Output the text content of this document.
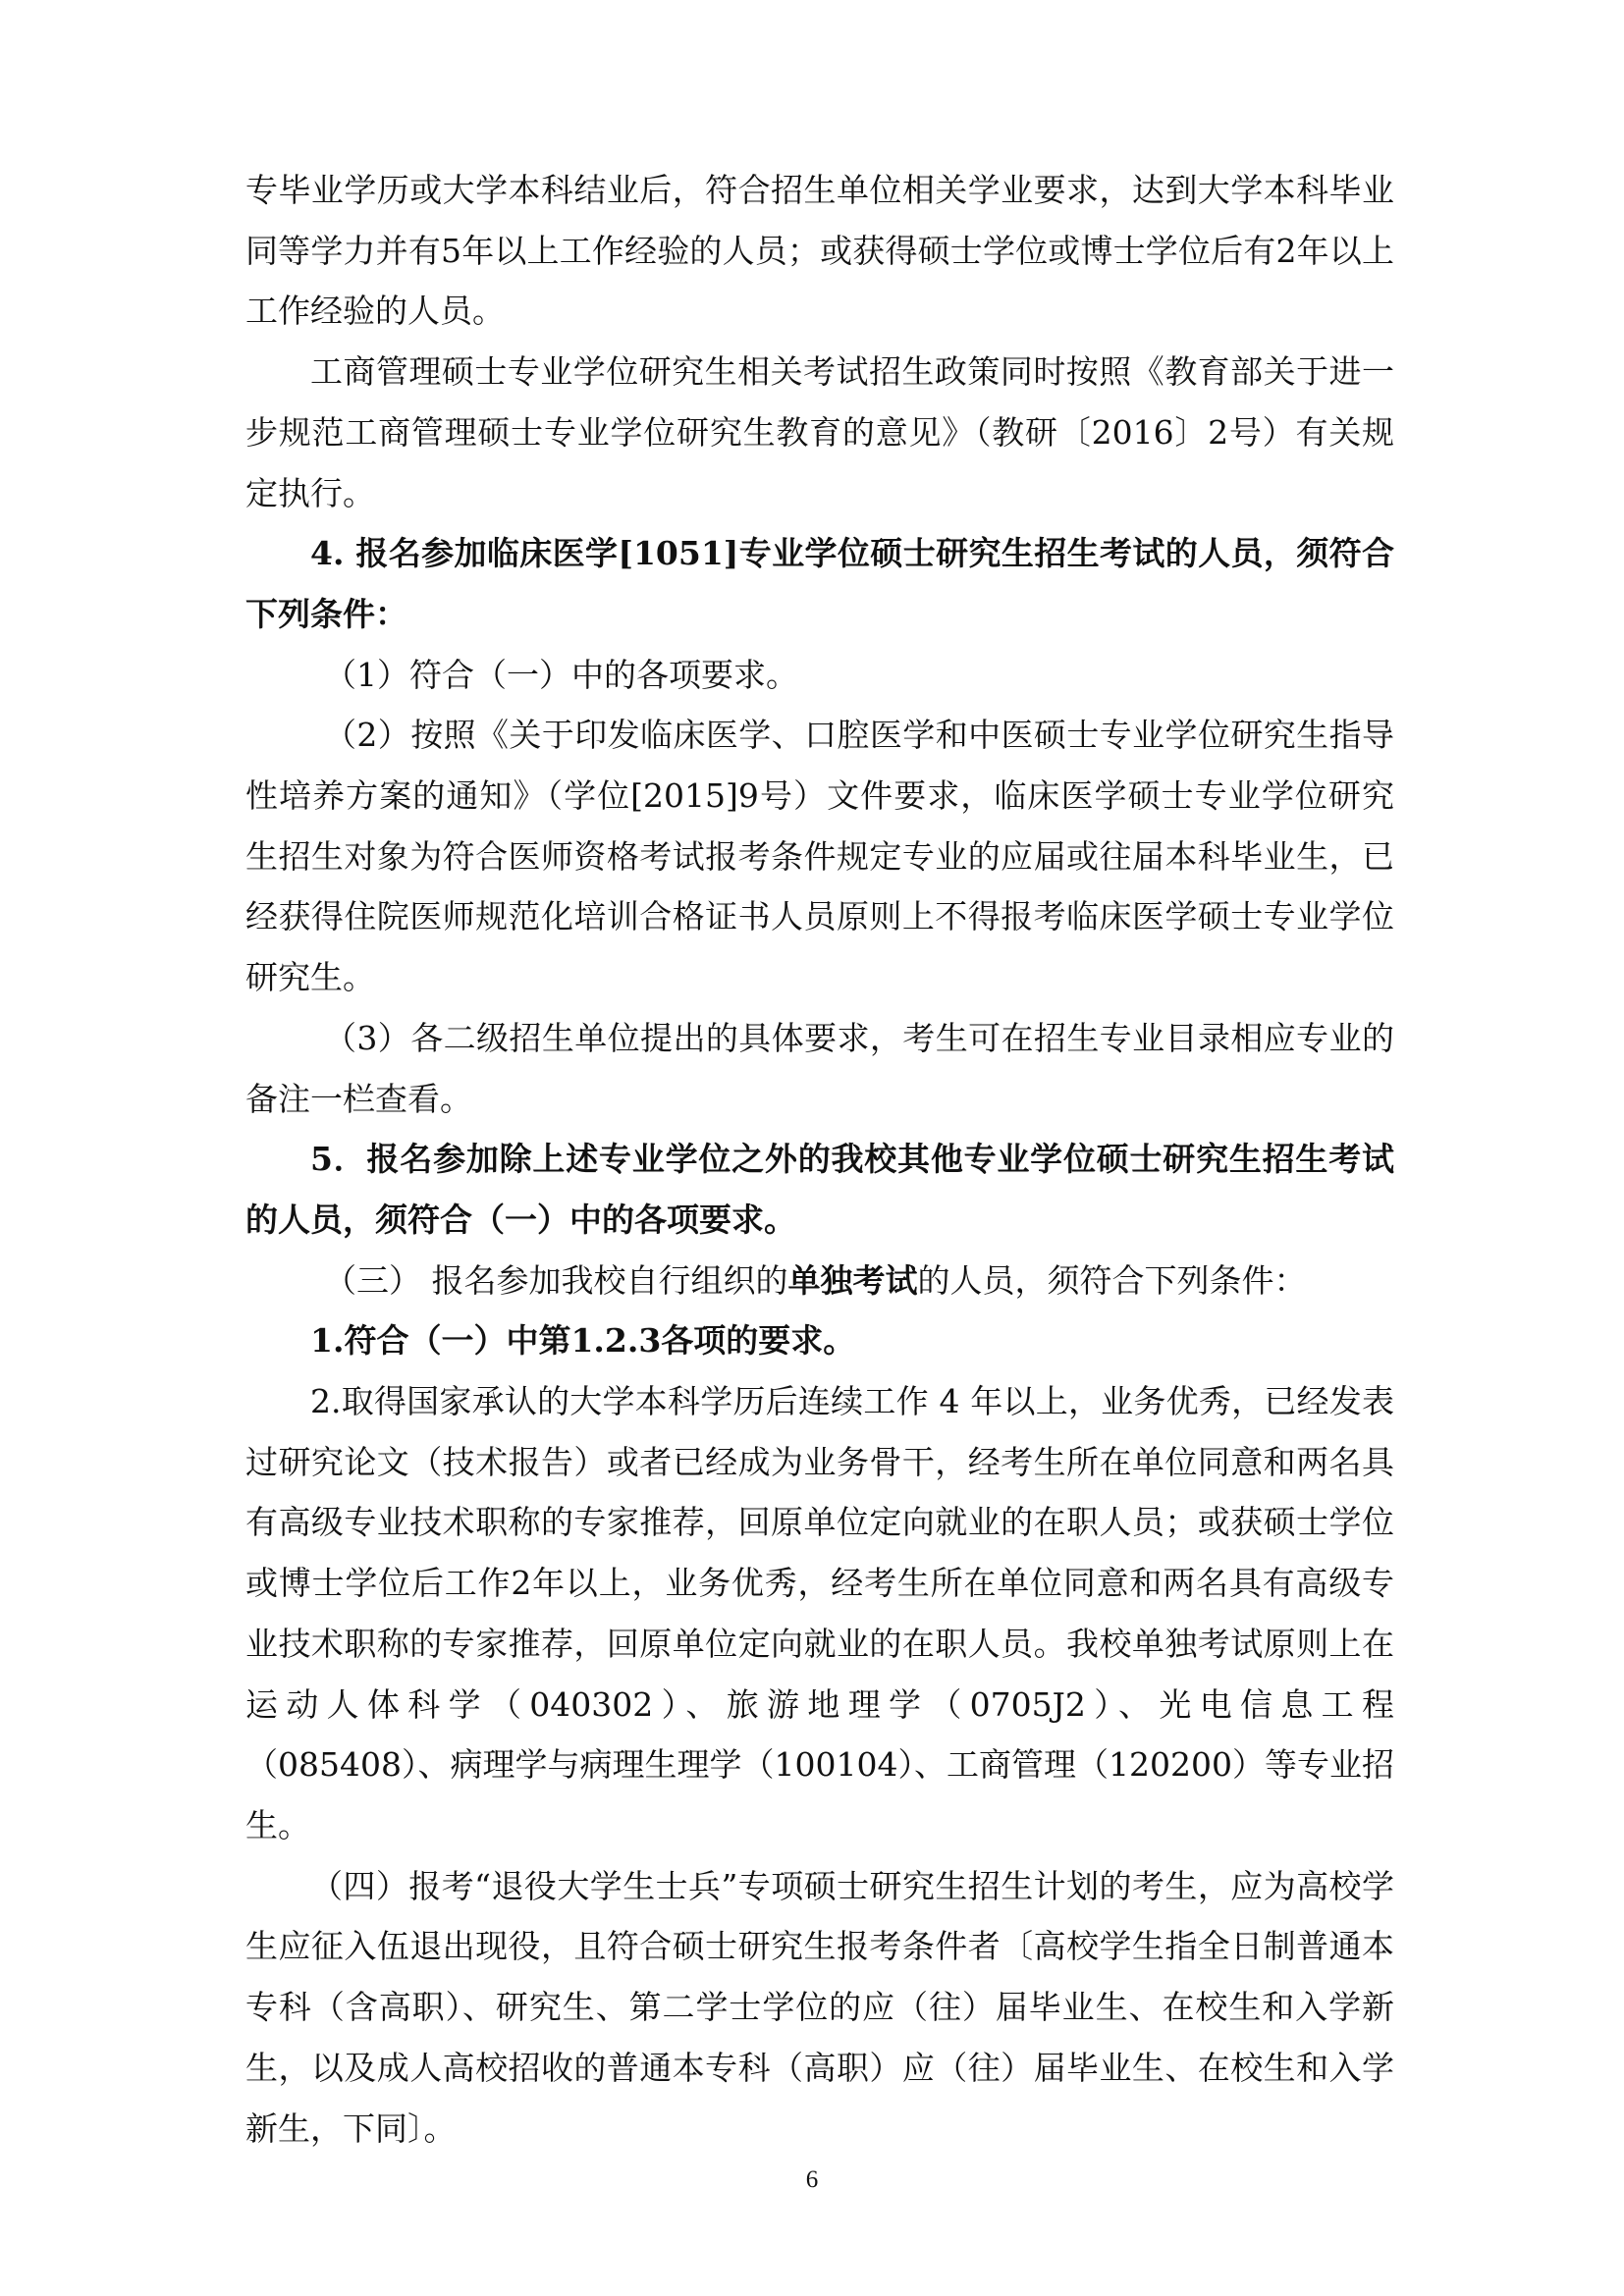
专毕业学历或大学本科结业后，符合招生单位相关学业要求，达到大学本科毕业同等学力并有5年以上工作经验的人员；或获得硕士学位或博士学位后有2年以上工作经验的人员。

工商管理硕士专业学位研究生相关考试招生政策同时按照《教育部关于进一步规范工商管理硕士专业学位研究生教育的意见》（教研〔2016〕2号）有关规定执行。

4. 报名参加临床医学[1051]专业学位硕士研究生招生考试的人员，须符合下列条件：

（1）符合（一）中的各项要求。

（2）按照《关于印发临床医学、口腔医学和中医硕士专业学位研究生指导性培养方案的通知》（学位[2015]9号）文件要求，临床医学硕士专业学位研究生招生对象为符合医师资格考试报考条件规定专业的应届或往届本科毕业生，已经获得住院医师规范化培训合格证书人员原则上不得报考临床医学硕士专业学位研究生。

（3）各二级招生单位提出的具体要求，考生可在招生专业目录相应专业的备注一栏查看。

5．报名参加除上述专业学位之外的我校其他专业学位硕士研究生招生考试的人员，须符合（一）中的各项要求。

（三） 报名参加我校自行组织的单独考试的人员，须符合下列条件：

1.符合（一）中第1.2.3各项的要求。

2.取得国家承认的大学本科学历后连续工作 4 年以上，业务优秀，已经发表过研究论文（技术报告）或者已经成为业务骨干，经考生所在单位同意和两名具有高级专业技术职称的专家推荐，回原单位定向就业的在职人员；或获硕士学位或博士学位后工作2年以上，业务优秀，经考生所在单位同意和两名具有高级专业技术职称的专家推荐，回原单位定向就业的在职人员。我校单独考试原则上在运动人体科学（040302）、旅游地理学（0705J2）、光电信息工程（085408）、病理学与病理生理学（100104）、工商管理（120200）等专业招生。

（四）报考“退役大学生士兵”专项硕士研究生招生计划的考生，应为高校学生应征入伍退出现役，且符合硕士研究生报考条件者〔高校学生指全日制普通本专科（含高职）、研究生、第二学士学位的应（往）届毕业生、在校生和入学新生，以及成人高校招收的普通本专科（高职）应（往）届毕业生、在校生和入学新生，下同〕。

6
